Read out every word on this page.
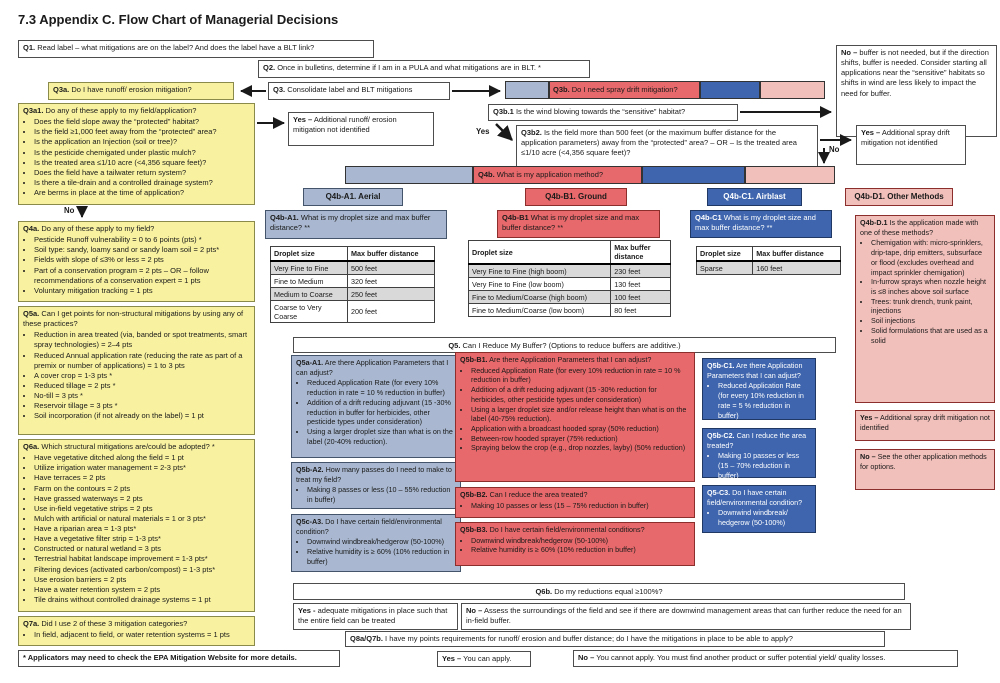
7.3 Appendix C. Flow Chart of Managerial Decisions
Q1. Read label – what mitigations are on the label? And does the label have a BLT link?
Q2. Once in bulletins, determine if I am in a PULA and what mitigations are in BLT. *
Q3a. Do I have runoff/ erosion mitigation?	Q3. Consolidate label and BLT mitigations	Q3b. Do I need spray drift mitigation?
No – buffer is not needed, but if the direction shifts, buffer is needed. Consider starting all applications near the “sensitive” habitats so shifts in wind are less likely to impact the need for buffer.
Q3b.1 Is the wind blowing towards the “sensitive” habitat?
Q3b2. Is the field more than 500 feet (or the maximum buffer distance for the application parameters) away from the “protected” area? – OR – Is the treated area ≤1/10 acre (<4,356 square feet)?
Yes – Additional spray drift mitigation not identified
Yes – Additional runoff/ erosion mitigation not identified
Q3a1. Do any of these apply to my field/application?
• Does the field slope away the “protected” habitat?
• Is the field ≥1,000 feet away from the “protected” area?
• Is the application an Injection (soil or tree)?
• Is the pesticide chemigated under plastic mulch?
• Is the treated area ≤1/10 acre (<4,356 square feet)?
• Does the field have a tailwater return system?
• Is there a tile-drain and a controlled drainage system?
• Are berms in place at the time of application?
Q4a. Do any of these apply to my field?
• Pesticide Runoff vulnerability = 0 to 6 points (pts) *
• Soil type: sandy, loamy sand or sandy loam soil = 2 pts*
• Fields with slope of ≤3% or less = 2 pts
• Part of a conservation program = 2 pts – OR – follow recommendations of a conservation expert = 1 pts
• Voluntary mitigation tracking = 1 pts
Q5a. Can I get points for non-structural mitigations by using any of these practices?
• Reduction in area treated (via, banded or spot treatments, smart spray technologies) = 2–4 pts
• Reduced Annual application rate (reducing the rate as part of a premix or number of applications) = 1 to 3 pts
• A cover crop = 1-3 pts *
• Reduced tillage = 2 pts *
• No-till = 3 pts *
• Reservoir tillage = 3 pts *
• Soil incorporation (if not already on the label) = 1 pt
Q6a. Which structural mitigations are/could be adopted? *
• Have vegetative ditched along the field = 1 pt
• Utilize irrigation water management = 2-3 pts*
• Have terraces = 2 pts
• Farm on the contours = 2 pts
• Have grassed waterways = 2 pts
• Use in-field vegetative strips = 2 pts
• Mulch with artificial or natural materials = 1 or 3 pts*
• Have a riparian area = 1-3 pts*
• Have a vegetative filter strip = 1-3 pts*
• Constructed or natural wetland = 3 pts
• Terrestrial habitat landscape improvement = 1-3 pts*
• Filtering devices (activated carbon/compost) = 1-3 pts*
• Use erosion barriers = 2 pts
• Have a water retention system = 2 pts
• Tile drains without controlled drainage systems = 1 pt
Q7a. Did I use 2 of these 3 mitigation categories?
• In field, adjacent to field, or water retention systems = 1 pts
* Applicators may need to check the EPA Mitigation Website for more details.
Q4b. What is my application method?
Q4b-A1. Aerial	Q4b-B1. Ground	Q4b-C1. Airblast	Q4b-D1. Other Methods
Q4b-A1. What is my droplet size and max buffer distance? **
Q4b-B1 What is my droplet size and max buffer distance? **
Q4b-C1 What is my droplet size and max buffer distance? **
Droplet size	Max buffer distance
Very Fine to Fine	500 feet
Fine to Medium	320 feet
Medium to Coarse	250 feet
Coarse to Very Coarse	200 feet
Droplet size	Max buffer distance
Very Fine to Fine (high boom)	230 feet
Very Fine to Fine (low boom)	130 feet
Fine to Medium/Coarse (high boom)	100 feet
Fine to Medium/Coarse (low boom)	80 feet
Droplet size	Max buffer distance
Sparse	160 feet
Q4b-D.1 Is the application made with one of these methods?
• Chemigation with: micro-sprinklers, drip-tape, drip emitters, subsurface or flood (excludes overhead and impact sprinkler chemigation)
• In-furrow sprays when nozzle height is ≤8 inches above soil surface
• Trees: trunk drench, trunk paint, injections
• Soil injections
• Solid formulations that are used as a solid
Yes – Additional spray drift mitigation not identified
No – See the other application methods for options.
Q5. Can I Reduce My Buffer? (Options to reduce buffers are additive.)
Q5a-A1. Are there Application Parameters that I can adjust?
• Reduced Application Rate (for every 10% reduction in rate = 10 % reduction in buffer)
• Addition of a drift reducing adjuvant (15 -30% reduction in buffer for herbicides, other pesticide types under consideration)
• Using a larger droplet size than what is on the label (20-40% reduction).
Q5b-A2. How many passes do I need to make to treat my field?
• Making 8 passes or less (10 – 55% reduction in buffer)
Q5c-A3. Do I have certain field/environmental condition?
• Downwind windbreak/hedgerow (50-100%)
• Relative humidity is ≥ 60% (10% reduction in buffer)
Q5b-B1. Are there Application Parameters that I can adjust?
• Reduced Application Rate (for every 10% reduction in rate = 10 % reduction in buffer)
• Addition of a drift reducing adjuvant (15 -30% reduction for herbicides, other pesticide types under consideration)
• Using a larger droplet size and/or release height than what is on the label (40-75% reduction).
• Application with a broadcast hooded spray (50% reduction)
• Between-row hooded sprayer (75% reduction)
• Spraying below the crop (e.g., drop nozzles, layby) (50% reduction)
Q5b-B2. Can I reduce the area treated?
• Making 10 passes or less (15 – 75% reduction in buffer)
Q5b-B3. Do I have certain field/environmental conditions?
• Downwind windbreak/hedgerow (50-100%)
• Relative humidity is ≥ 60% (10% reduction in buffer)
Q5b-C1. Are there Application Parameters that I can adjust?
• Reduced Application Rate (for every 10% reduction in rate = 5 % reduction in buffer)
Q5b-C2. Can I reduce the area treated?
• Making 10 passes or less (15 – 70% reduction in buffer)
Q5-C3. Do I have certain field/environmental condition?
• Downwind windbreak/ hedgerow (50-100%)
Q6b. Do my reductions equal ≥100%?
Yes - adequate mitigations in place such that the entire field can be treated
No – Assess the surroundings of the field and see if there are downwind management areas that can further reduce the need for an in-field buffer.
Q8a/Q7b. I have my points requirements for runoff/ erosion and buffer distance; do I have the mitigations in place to be able to apply?
Yes – You can apply.	No – You cannot apply. You must find another product or suffer potential yield/ quality losses.
No
Yes
No
